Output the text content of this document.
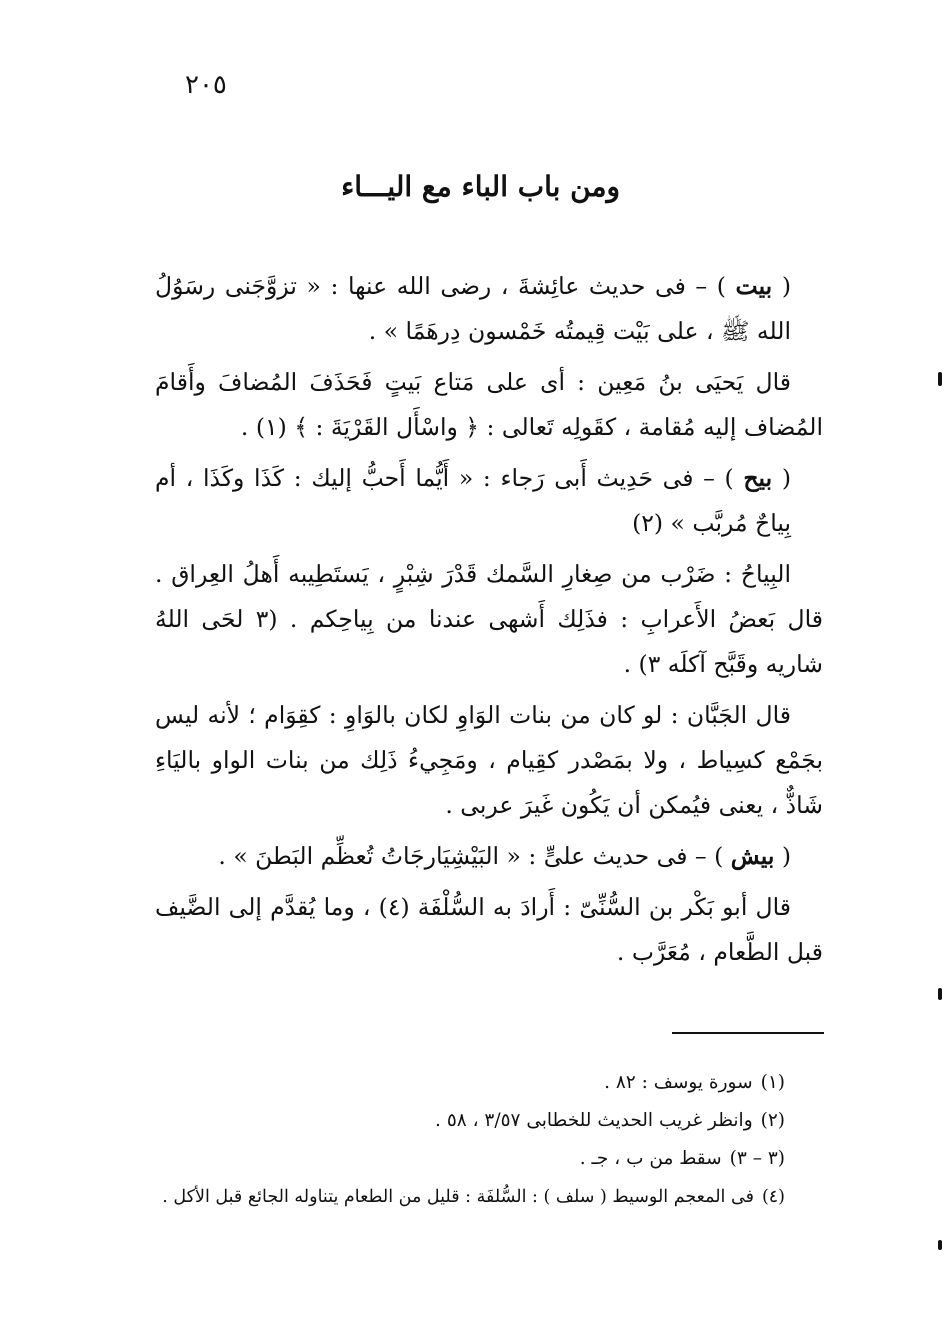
٢٠٥
ومن باب الباء مع اليـــاء

( بيت ) – فى حديث عائِشةَ ، رضى الله عنها : « تزوَّجَنى رسَوُلُ الله ﷺ ، على بَيْت قِيمتُه خَمْسون دِرهَمًا » .

قال يَحيَى بنُ مَعِين : أى على مَتاع بَيتٍ فَحَذَفَ المُضافَ وأَقامَ المُضاف إليه مُقامة ، كقَولِه تَعالى : ﴿ واسْأَل القَرْيَةَ : ﴾ (١) .

( بيح ) – فى حَدِيث أَبى رَجاء : « أَيُّما أَحبُّ إليك : كَذَا وكَذَا ، أم بِياحٌ مُربَّب » (٢)

البِياحُ : ضَرْب من صِغارِ السَّمك قَدْرَ شِبْرٍ ، يَستَطِيبه أَهلُ العِراق . قال بَعضُ الأَعرابِ : فذَلِك أَشهى عندنا من بِياحِكم . (٣ لحَى اللهُ شاريه وقَبَّح آكلَه ٣) .

قال الجَبَّان : لو كان من بنات الوَاوِ لكان بالوَاوِ : كقِوَام ؛ لأنه ليس بجَمْع كسِياط ، ولا بمَصْدر كقِيام ، ومَجِيءُ ذَلِك من بنات الواو باليَاءِ شَاذٌّ ، يعنى فيُمكن أن يَكُون غَيرَ عربى .

( بيش ) – فى حديث علىٍّ : « البَيْشِيَارجَاتُ تُعظِّم البَطنَ » .

قال أبو بَكْر بن السُّنِّىّ : أَرادَ به السُّلْفَة (٤) ، وما يُقدَّم إلى الضَّيف قبل الطَّعام ، مُعَرَّب .

(١)سورة يوسف : ٨٢ .

(٢)وانظر غريب الحديث للخطابى ٣/٥٧ ، ٥٨ .

(٣ – ٣)سقط من ب ، جـ .

(٤)فى المعجم الوسيط ( سلف ) : السُّلفَة : قليل من الطعام يتناوله الجائع قبل الأكل .
